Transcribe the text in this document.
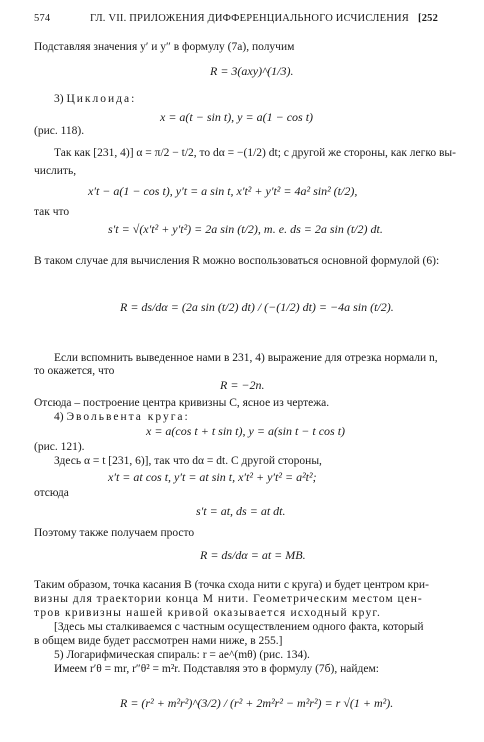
574	ГЛ. VII. ПРИЛОЖЕНИЯ ДИФФЕРЕНЦИАЛЬНОГО ИСЧИСЛЕНИЯ [252
Подставляя значения y′ и y″ в формулу (7а), получим
R = 3(axy)^(1/3).
3) Циклоида:
x = a(t − sin t), y = a(1 − cos t)
(рис. 118).
Так как [231, 4)] α = π/2 − t/2, то dα = −(1/2) dt; с другой же стороны, как легко вы-
числить,
x′t − a(1 − cos t), y′t = a sin t, x′t² + y′t² = 4a² sin² (t/2),
так что
s′t = √(x′t² + y′t²) = 2a sin (t/2), т. е. ds = 2a sin (t/2) dt.
В таком случае для вычисления R можно воспользоваться основной формулой (6):
R = ds/dα = (2a sin (t/2) dt) / (−(1/2) dt) = −4a sin (t/2).
Если вспомнить выведенное нами в 231, 4) выражение для отрезка нормали n,
то окажется, что
R = −2n.
Отсюда – построение центра кривизны C, ясное из чертежа.
4) Эвольвента круга:
x = a(cos t + t sin t), y = a(sin t − t cos t)
(рис. 121).
Здесь α = t [231, 6)], так что dα = dt. С другой стороны,
x′t = at cos t, y′t = at sin t, x′t² + y′t² = a²t²;
отсюда
s′t = at, ds = at dt.
Поэтому также получаем просто
R = ds/dα = at = MB.
Таким образом, точка касания B (точка схода нити с круга) и будет центром кри-
визны для траектории конца M нити. Геометрическим местом цен-
тров кривизны нашей кривой оказывается исходный круг.
[Здесь мы сталкиваемся с частным осуществлением одного факта, который
в общем виде будет рассмотрен нами ниже, в 255.]
5) Логарифмическая спираль: r = ae^(mθ) (рис. 134).
Имеем r′θ = mr, r″θ² = m²r. Подставляя это в формулу (7б), найдем:
R = (r² + m²r²)^(3/2) / (r² + 2m²r² − m²r²) = r √(1 + m²).
